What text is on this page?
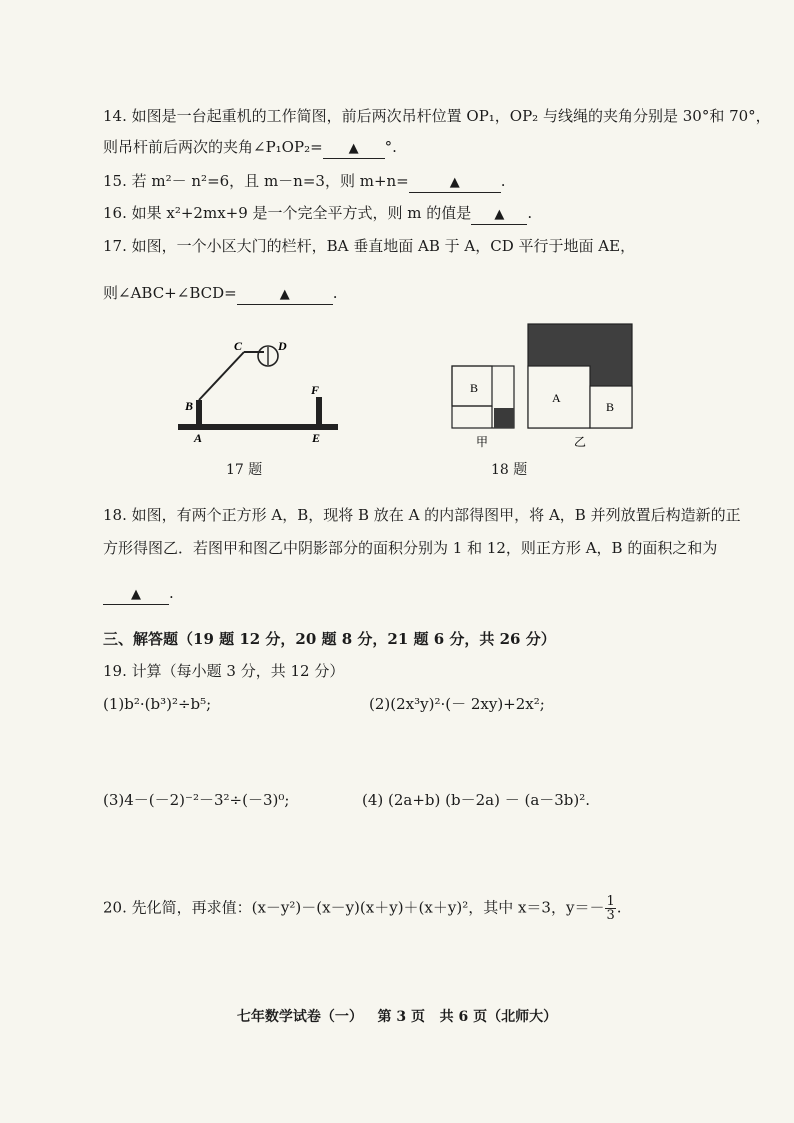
14. 如图是一台起重机的工作简图，前后两次吊杆位置 OP₁，OP₂ 与线绳的夹角分别是 30°和 70°，
则吊杆前后两次的夹角∠P₁OP₂= ▲ °.
15. 若 m²－ n²=6，且 m－n=3，则 m+n=	▲	.
16. 如果 x²+2mx+9 是一个完全平方式，则 m 的值是 ▲ .
17. 如图，一个小区大门的栏杆，BA 垂直地面 AB 于 A，CD 平行于地面 AE，
则∠ABC+∠BCD=	▲	.
C	D
B
A
F
E
17 题
B
A
B
甲	乙
18 题
18. 如图，有两个正方形 A，B，现将 B 放在 A 的内部得图甲，将 A，B 并列放置后构造新的正
方形得图乙．若图甲和图乙中阴影部分的面积分别为 1 和 12，则正方形 A，B 的面积之和为
▲ .
三、解答题（19 题 12 分，20 题 8 分，21 题 6 分，共 26 分）
19. 计算（每小题 3 分，共 12 分）
(1)b²·(b³)²÷b⁵;	(2)(2x³y)²·(－ 2xy)+2x²;
(3)4－(－2)⁻²－3²÷(－3)⁰;	(4) (2a+b) (b－2a) － (a－3b)².
20. 先化简，再求值：(x－y²)－(x－y)(x＋y)＋(x＋y)²，其中 x＝3，$y=- \frac{1}{3}$ .
七年数学试卷（一）   第 3 页   共 6 页（北师大）
